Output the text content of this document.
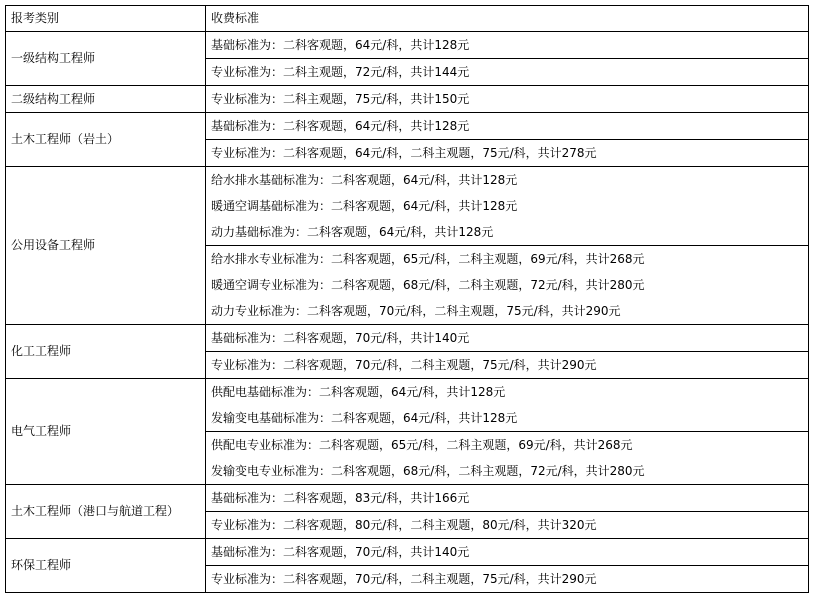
报考类别	收费标准
一级结构工程师	基础标准为：二科客观题，64元/科，共计128元

	专业标准为：二科主观题，72元/科，共计144元

二级结构工程师	专业标准为：二科主观题，75元/科，共计150元

土木工程师（岩土）	基础标准为：二科客观题，64元/科，共计128元

	专业标准为：二科客观题，64元/科，二科主观题，75元/科，共计278元

公用设备工程师	给水排水基础标准为：二科客观题，64元/科，共计128元
暖通空调基础标准为：二科客观题，64元/科，共计128元
动力基础标准为：二科客观题，64元/科，共计128元

	给水排水专业标准为：二科客观题，65元/科，二科主观题，69元/科，共计268元
暖通空调专业标准为：二科客观题，68元/科，二科主观题，72元/科，共计280元
动力专业标准为：二科客观题，70元/科，二科主观题，75元/科，共计290元

化工工程师	基础标准为：二科客观题，70元/科，共计140元

	专业标准为：二科客观题，70元/科，二科主观题，75元/科，共计290元

电气工程师	供配电基础标准为：二科客观题，64元/科，共计128元
发输变电基础标准为：二科客观题，64元/科，共计128元

	供配电专业标准为：二科客观题，65元/科，二科主观题，69元/科，共计268元
发输变电专业标准为：二科客观题，68元/科，二科主观题，72元/科，共计280元

土木工程师（港口与航道工程）	基础标准为：二科客观题，83元/科，共计166元

	专业标准为：二科客观题，80元/科，二科主观题，80元/科，共计320元

环保工程师	基础标准为：二科客观题，70元/科，共计140元

	专业标准为：二科客观题，70元/科，二科主观题，75元/科，共计290元
